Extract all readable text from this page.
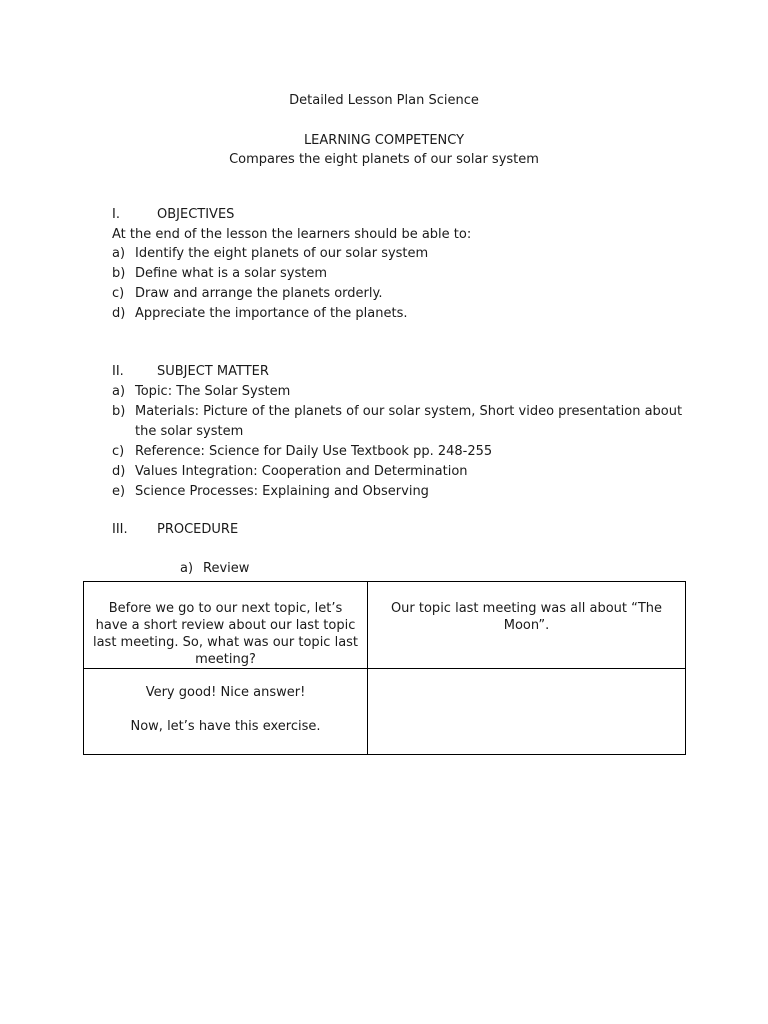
Detailed Lesson Plan Science
LEARNING COMPETENCY
Compares the eight planets of our solar system
I.	OBJECTIVES
At the end of the lesson the learners should be able to:
a) Identify the eight planets of our solar system
b) Define what is a solar system
c) Draw and arrange the planets orderly.
d) Appreciate the importance of the planets.
II.	SUBJECT MATTER
a) Topic: The Solar System
b) Materials: Picture of the planets of our solar system, Short video presentation about the solar system
c) Reference: Science for Daily Use Textbook pp. 248-255
d) Values Integration: Cooperation and Determination
e) Science Processes: Explaining and Observing
III. PROCEDURE
a) Review
Before we go to our next topic, let’s have a short review about our last topic last meeting. So, what was our topic last meeting?	Our topic last meeting was all about “The Moon”.

Very good! Nice answer!
Now, let’s have this exercise.	
